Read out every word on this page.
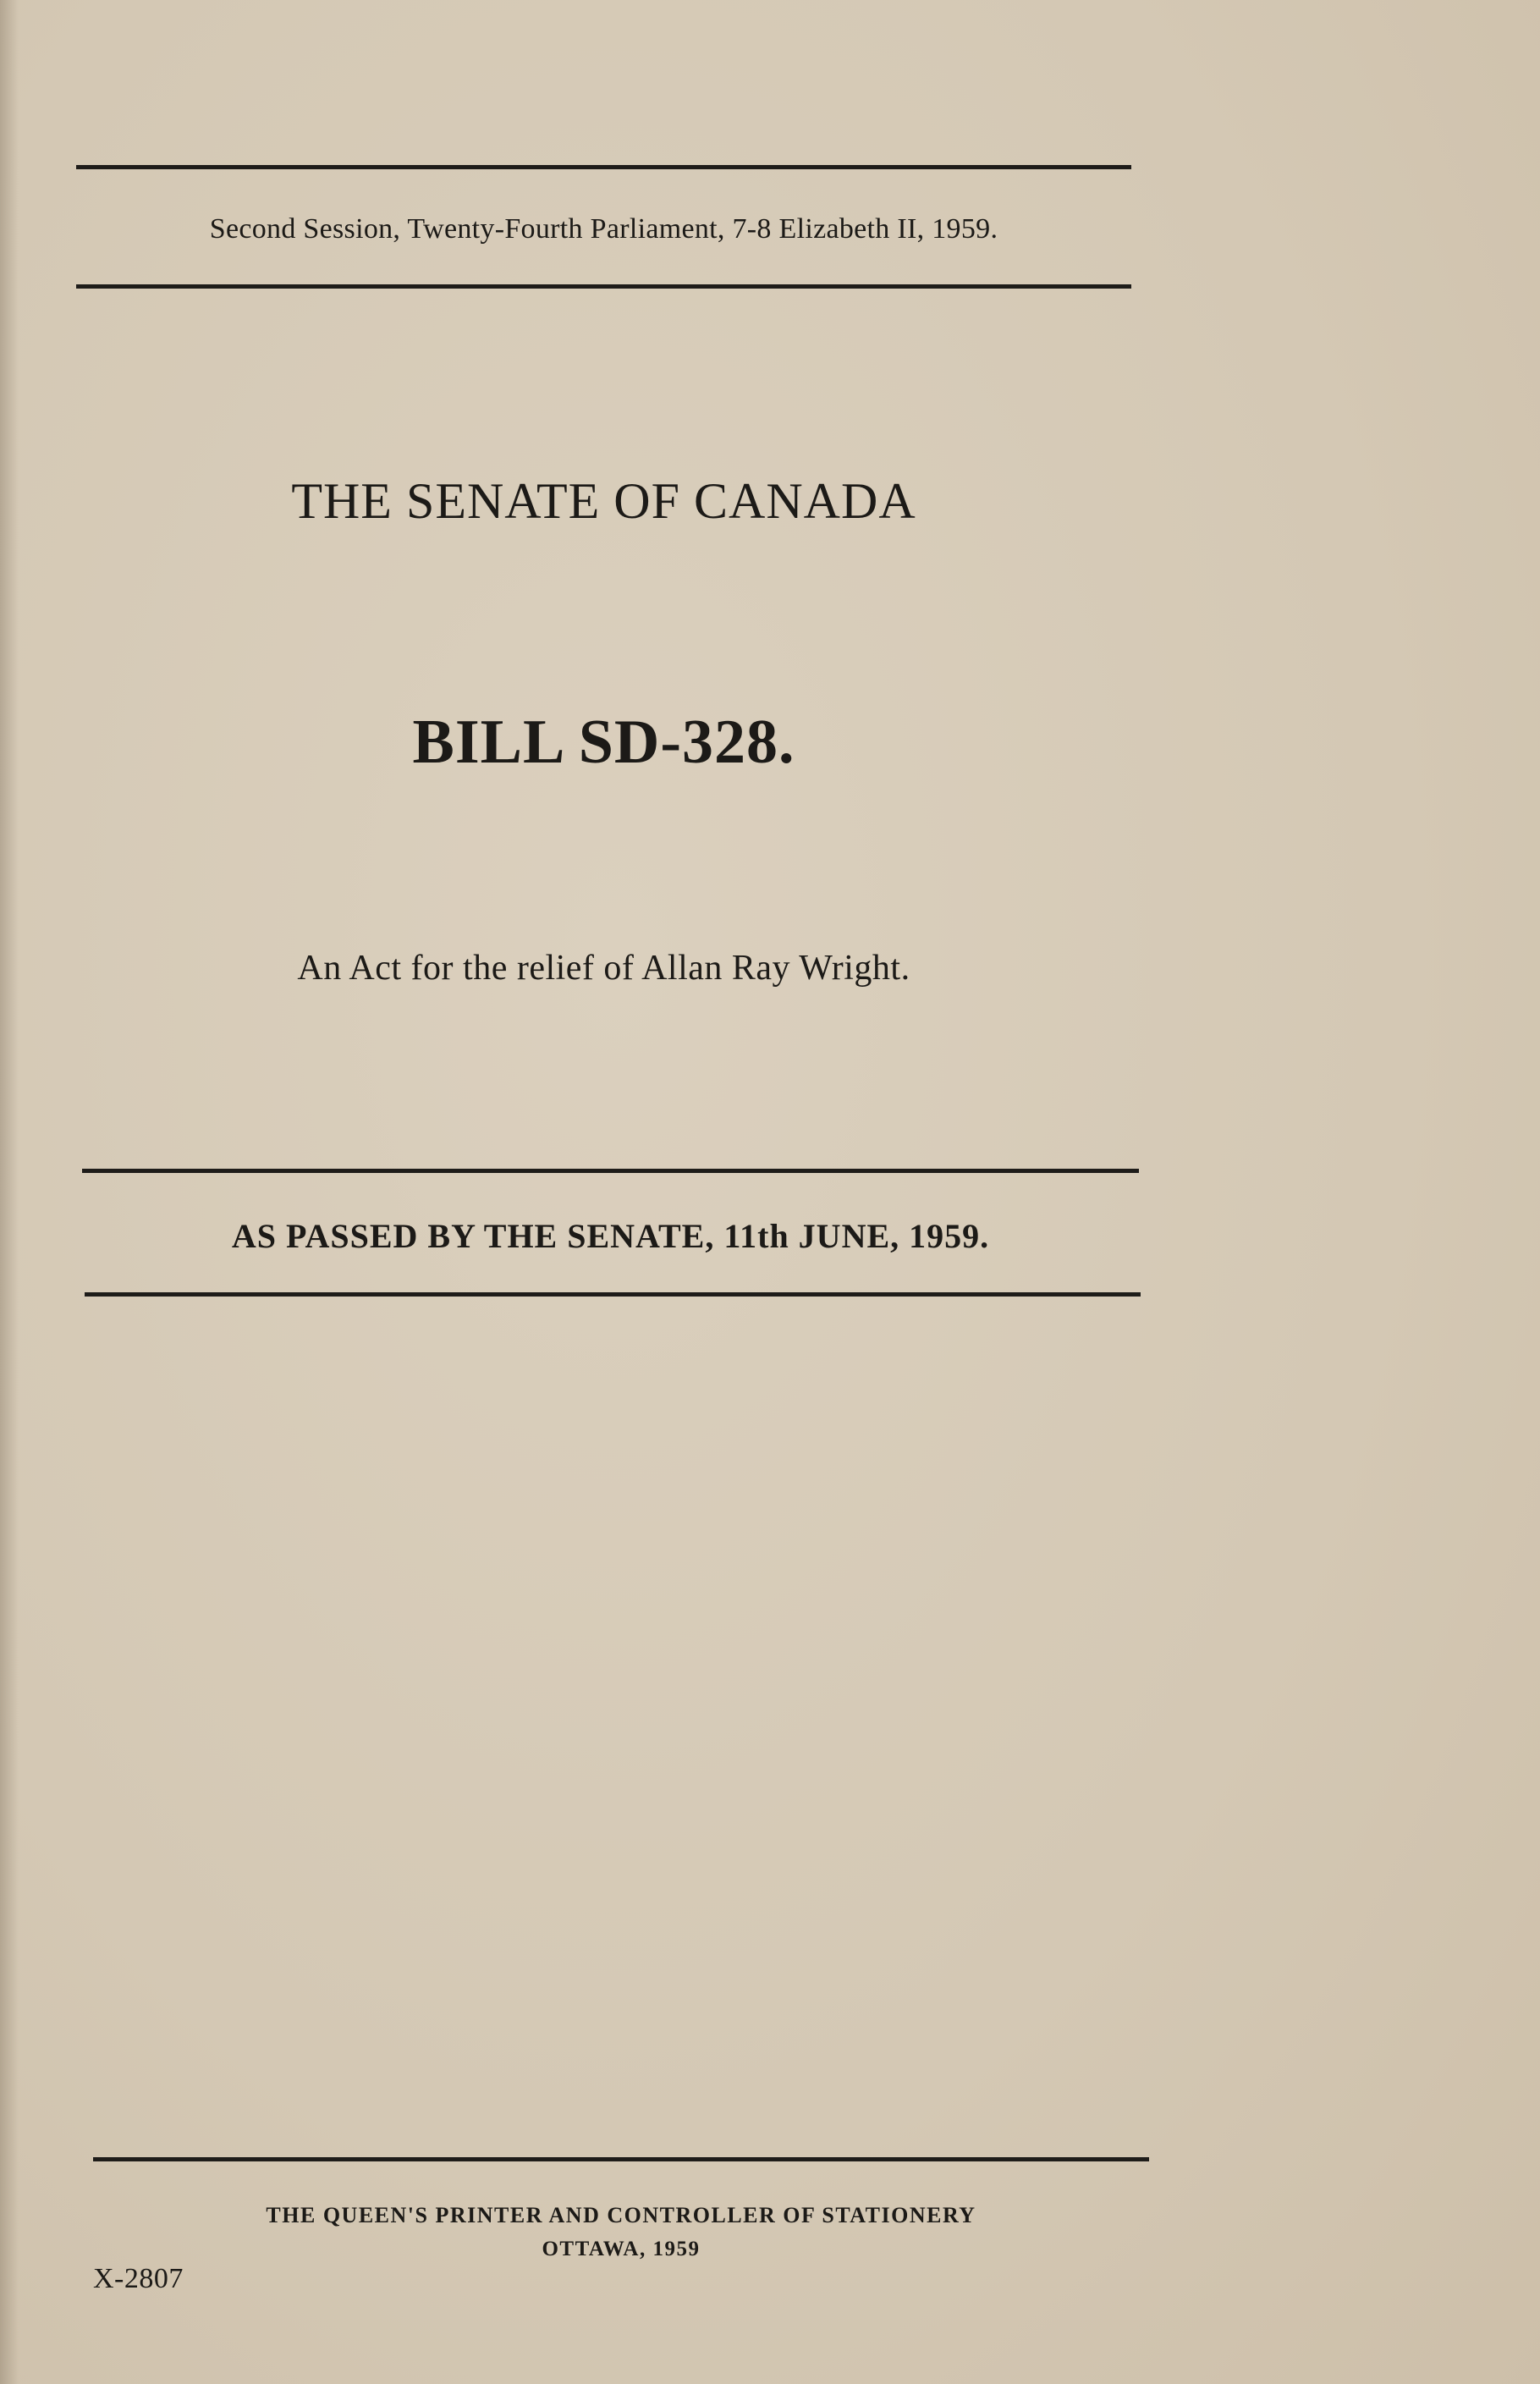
Second Session, Twenty-Fourth Parliament, 7-8 Elizabeth II, 1959.
THE SENATE OF CANADA
BILL SD-328.
An Act for the relief of Allan Ray Wright.
AS PASSED BY THE SENATE, 11th JUNE, 1959.
THE QUEEN'S PRINTER AND CONTROLLER OF STATIONERY
OTTAWA, 1959
X-2807
